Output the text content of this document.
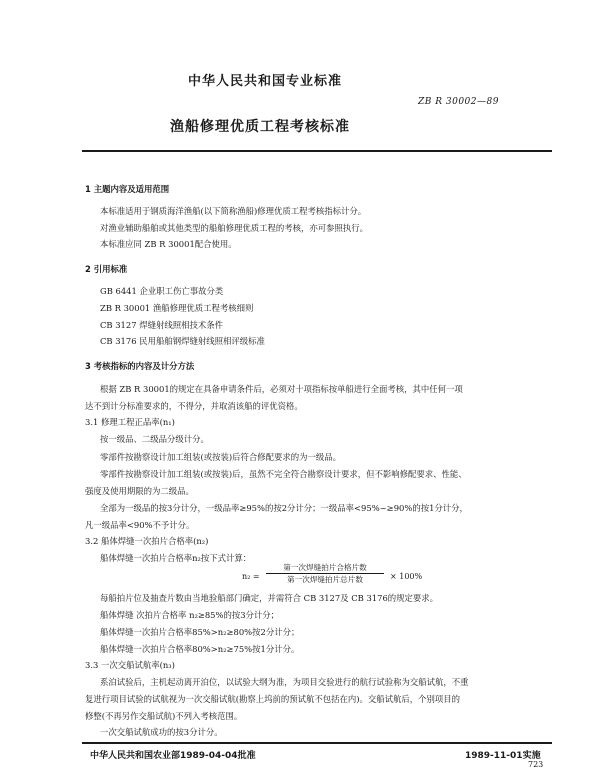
中华人民共和国专业标准
ZB R 30002—89
渔船修理优质工程考核标准
1 主题内容及适用范围
本标准适用于钢质海洋渔船(以下简称渔船)修理优质工程考核指标计分。
对渔业辅助船舶或其他类型的船舶修理优质工程的考核，亦可参照执行。
本标准应同 ZB R 30001配合使用。
2 引用标准
GB 6441 企业职工伤亡事故分类
ZB R 30001 渔船修理优质工程考核细则
CB 3127 焊缝射线照相技术条件
CB 3176 民用船舶钢焊缝射线照相评级标准
3 考核指标的内容及计分方法
根据 ZB R 30001的规定在具备申请条件后，必须对十项指标按单船进行全面考核，其中任何一项
达不到计分标准要求的，不得分，并取消该船的评优资格。
3.1 修理工程正品率(n₁)
按一级品、二级品分级计分。
零部件按勘察设计加工组装(或按装)后符合修配要求的为一级品。
零部件按勘察设计加工组装(或按装)后，虽然不完全符合勘察设计要求，但不影响修配要求、性能、
强度及使用期限的为二级品。
全部为一级品的按3分计分，一级品率≥95%的按2分计分；一级品率<95%~≥90%的按1分计分，
凡一级品率<90%不予计分。
3.2 船体焊缝一次拍片合格率(n₂)
船体焊缝一次拍片合格率n₂按下式计算：
n₂ =
第一次焊缝拍片合格片数
第一次焊缝拍片总片数	× 100%
每船拍片位及抽查片数由当地验船部门确定，并需符合 CB 3127及 CB 3176的规定要求。
船体焊缝 次拍片合格率 n₂≥85%的按3分计分；
船体焊缝一次拍片合格率85%>n₂≥80%按2分计分；
船体焊缝一次拍片合格率80%>n₂≥75%按1分计分。
3.3 一次交船试航率(n₃)
系泊试验后，主机起动离开泊位，以试验大纲为准，为项目交验进行的航行试验称为交船试航，不重
复进行项目试验的试航视为一次交船试航(勘察上坞前的预试航不包括在内)。交船试航后，个别项目的
修整(不再另作交船试航)不列入考核范围。
一次交船试航成功的按3分计分。
中华人民共和国农业部1989-04-04批准	1989-11-01实施
723
